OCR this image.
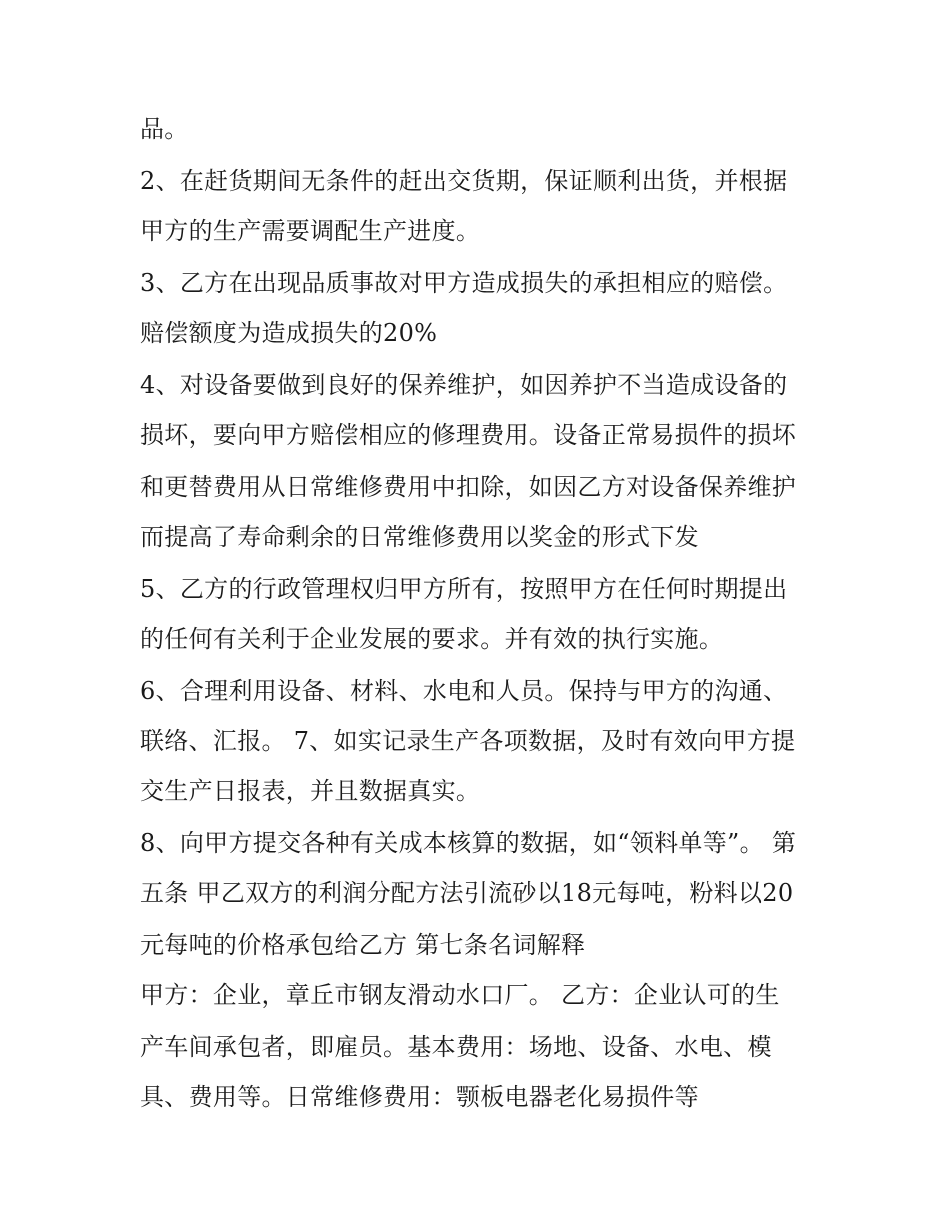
品。
2、在赶货期间无条件的赶出交货期，保证顺利出货，并根据
甲方的生产需要调配生产进度。
3、乙方在出现品质事故对甲方造成损失的承担相应的赔偿。
赔偿额度为造成损失的20%
4、对设备要做到良好的保养维护，如因养护不当造成设备的
损坏，要向甲方赔偿相应的修理费用。设备正常易损件的损坏
和更替费用从日常维修费用中扣除，如因乙方对设备保养维护
而提高了寿命剩余的日常维修费用以奖金的形式下发
5、乙方的行政管理权归甲方所有，按照甲方在任何时期提出
的任何有关利于企业发展的要求。并有效的执行实施。
6、合理利用设备、材料、水电和人员。保持与甲方的沟通、
联络、汇报。 7、如实记录生产各项数据，及时有效向甲方提
交生产日报表，并且数据真实。
8、向甲方提交各种有关成本核算的数据，如“领料单等”。 第
五条 甲乙双方的利润分配方法引流砂以18元每吨，粉料以20
元每吨的价格承包给乙方 第七条名词解释
甲方：企业，章丘市钢友滑动水口厂。 乙方：企业认可的生
产车间承包者，即雇员。基本费用：场地、设备、水电、模
具、费用等。日常维修费用：颚板电器老化易损件等
